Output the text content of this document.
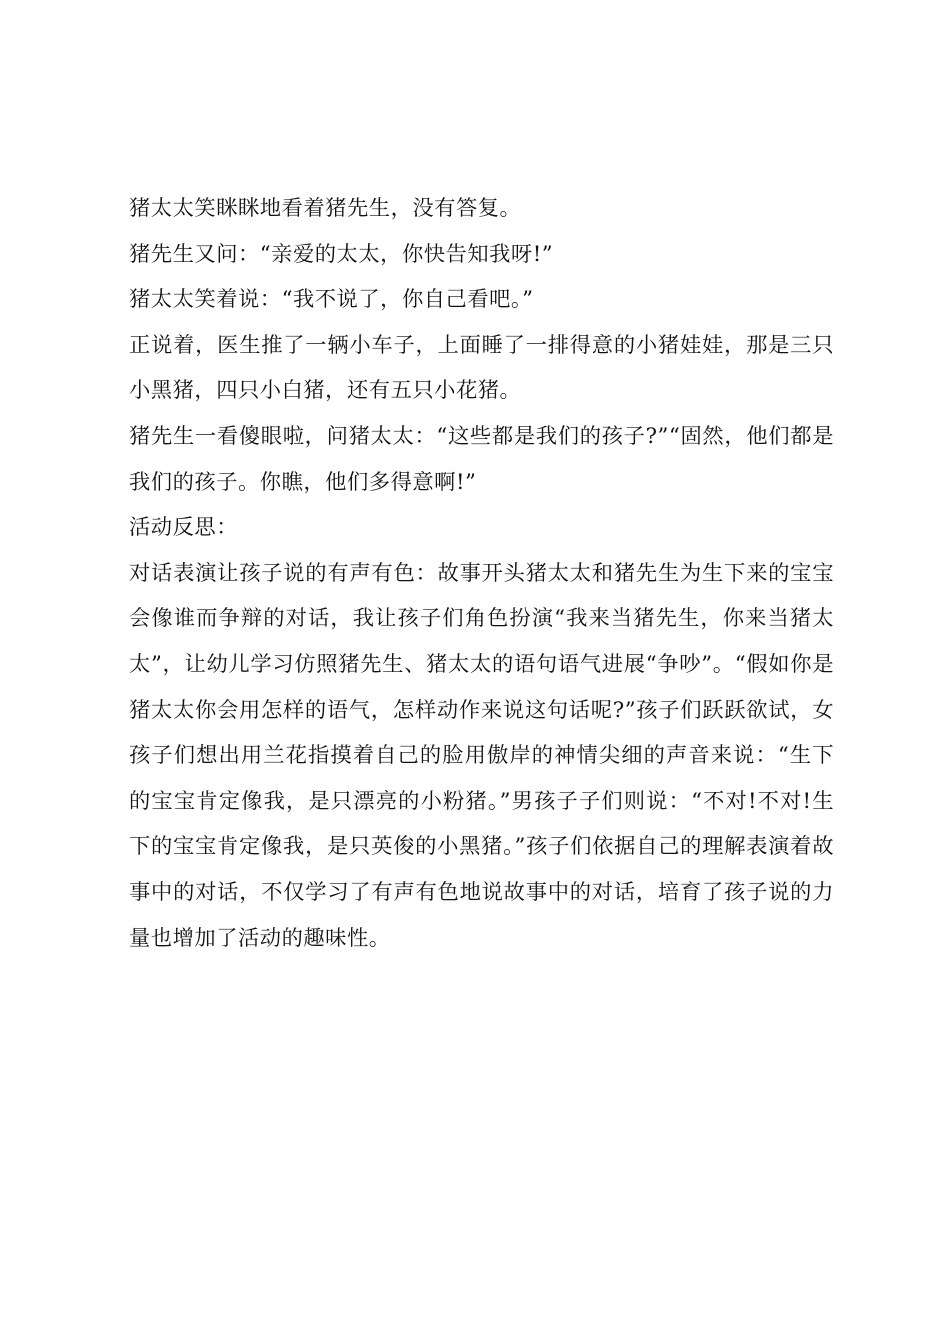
猪太太笑眯眯地看着猪先生，没有答复。

猪先生又问：“亲爱的太太，你快告知我呀!”

猪太太笑着说：“我不说了，你自己看吧。”

正说着，医生推了一辆小车子，上面睡了一排得意的小猪娃娃，那是三只小黑猪，四只小白猪，还有五只小花猪。

猪先生一看傻眼啦，问猪太太：“这些都是我们的孩子?”“固然，他们都是我们的孩子。你瞧，他们多得意啊!”

活动反思：

对话表演让孩子说的有声有色：故事开头猪太太和猪先生为生下来的宝宝会像谁而争辩的对话，我让孩子们角色扮演“我来当猪先生，你来当猪太太”，让幼儿学习仿照猪先生、猪太太的语句语气进展“争吵”。“假如你是猪太太你会用怎样的语气，怎样动作来说这句话呢?”孩子们跃跃欲试，女孩子们想出用兰花指摸着自己的脸用傲岸的神情尖细的声音来说：“生下的宝宝肯定像我，是只漂亮的小粉猪。”男孩子子们则说：“不对!不对!生下的宝宝肯定像我，是只英俊的小黑猪。”孩子们依据自己的理解表演着故事中的对话，不仅学习了有声有色地说故事中的对话，培育了孩子说的力量也增加了活动的趣味性。
